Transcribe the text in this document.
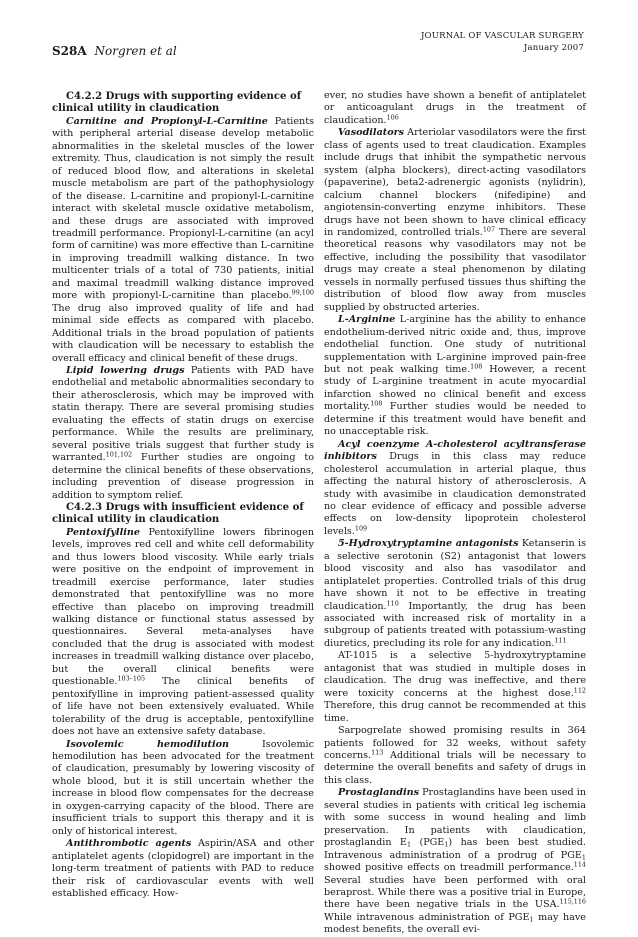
S28A Norgren et al
JOURNAL OF VASCULAR SURGERY
January 2007
C4.2.2 Drugs with supporting evidence of clinical utility in claudication

Carnitine and Propionyl-L-Carnitine Patients with peripheral arterial disease develop metabolic abnormalities in the skeletal muscles of the lower extremity. Thus, claudication is not simply the result of reduced blood flow, and alterations in skeletal muscle metabolism are part of the pathophysiology of the disease. L-carnitine and propionyl-L-carnitine interact with skeletal muscle oxidative metabolism, and these drugs are associated with improved treadmill performance. Propionyl-L-carnitine (an acyl form of carnitine) was more effective than L-carnitine in improving treadmill walking distance. In two multicenter trials of a total of 730 patients, initial and maximal treadmill walking distance improved more with propionyl-L-carnitine than placebo.$^{99,100}$ The drug also improved quality of life and had minimal side effects as compared with placebo. Additional trials in the broad population of patients with claudication will be necessary to establish the overall efficacy and clinical benefit of these drugs.

Lipid lowering drugs Patients with PAD have endothelial and metabolic abnormalities secondary to their atherosclerosis, which may be improved with statin therapy. There are several promising studies evaluating the effects of statin drugs on exercise performance. While the results are preliminary, several positive trials suggest that further study is warranted.$^{101,102}$ Further studies are ongoing to determine the clinical benefits of these observations, including prevention of disease progression in addition to symptom relief.

C4.2.3 Drugs with insufficient evidence of clinical utility in claudication

Pentoxifylline Pentoxifylline lowers fibrinogen levels, improves red cell and white cell deformability and thus lowers blood viscosity. While early trials were positive on the endpoint of improvement in treadmill exercise performance, later studies demonstrated that pentoxifylline was no more effective than placebo on improving treadmill walking distance or functional status assessed by questionnaires. Several meta-analyses have concluded that the drug is associated with modest increases in treadmill walking distance over placebo, but the overall clinical benefits were questionable.$^{103-105}$ The clinical benefits of pentoxifylline in improving patient-assessed quality of life have not been extensively evaluated. While tolerability of the drug is acceptable, pentoxifylline does not have an extensive safety database.

Isovolemic hemodilution Isovolemic hemodilution has been advocated for the treatment of claudication, presumably by lowering viscosity of whole blood, but it is still uncertain whether the increase in blood flow compensates for the decrease in oxygen-carrying capacity of the blood. There are insufficient trials to support this therapy and it is only of historical interest.

Antithrombotic agents Aspirin/ASA and other antiplatelet agents (clopidogrel) are important in the long-term treatment of patients with PAD to reduce their risk of cardiovascular events with well established efficacy. How-

ever, no studies have shown a benefit of antiplatelet or anticoagulant drugs in the treatment of claudication.$^{106}$

Vasodilators Arteriolar vasodilators were the first class of agents used to treat claudication. Examples include drugs that inhibit the sympathetic nervous system (alpha blockers), direct-acting vasodilators (papaverine), beta2-adrenergic agonists (nylidrin), calcium channel blockers (nifedipine) and angiotensin-converting enzyme inhibitors. These drugs have not been shown to have clinical efficacy in randomized, controlled trials.$^{107}$ There are several theoretical reasons why vasodilators may not be effective, including the possibility that vasodilator drugs may create a steal phenomenon by dilating vessels in normally perfused tissues thus shifting the distribution of blood flow away from muscles supplied by obstructed arteries.

L-Arginine L-arginine has the ability to enhance endothelium-derived nitric oxide and, thus, improve endothelial function. One study of nutritional supplementation with L-arginine improved pain-free but not peak walking time.$^{108}$ However, a recent study of L-arginine treatment in acute myocardial infarction showed no clinical benefit and excess mortality.$^{108}$ Further studies would be needed to determine if this treatment would have benefit and no unacceptable risk.

Acyl coenzyme A-cholesterol acyltransferase inhibitors Drugs in this class may reduce cholesterol accumulation in arterial plaque, thus affecting the natural history of atherosclerosis. A study with avasimibe in claudication demonstrated no clear evidence of efficacy and possible adverse effects on low-density lipoprotein cholesterol levels.$^{109}$

5-Hydroxytryptamine antagonists Ketanserin is a selective serotonin (S2) antagonist that lowers blood viscosity and also has vasodilator and antiplatelet properties. Controlled trials of this drug have shown it not to be effective in treating claudication.$^{110}$ Importantly, the drug has been associated with increased risk of mortality in a subgroup of patients treated with potassium-wasting diuretics, precluding its role for any indication.$^{111}$

AT-1015 is a selective 5-hydroxytryptamine antagonist that was studied in multiple doses in claudication. The drug was ineffective, and there were toxicity concerns at the highest dose.$^{112}$ Therefore, this drug cannot be recommended at this time.

Sarpogrelate showed promising results in 364 patients followed for 32 weeks, without safety concerns.$^{113}$ Additional trials will be necessary to determine the overall benefits and safety of drugs in this class.

Prostaglandins Prostaglandins have been used in several studies in patients with critical leg ischemia with some success in wound healing and limb preservation. In patients with claudication, prostaglandin $E_1$ $(PGE_1)$ has been best studied. Intravenous administration of a prodrug of $PGE_1$ showed positive effects on treadmill performance.$^{114}$ Several studies have been performed with oral beraprost. While there was a positive trial in Europe, there have been negative trials in the USA.$^{115,116}$ While intravenous administration of $PGE_1$ may have modest benefits, the overall evi-
